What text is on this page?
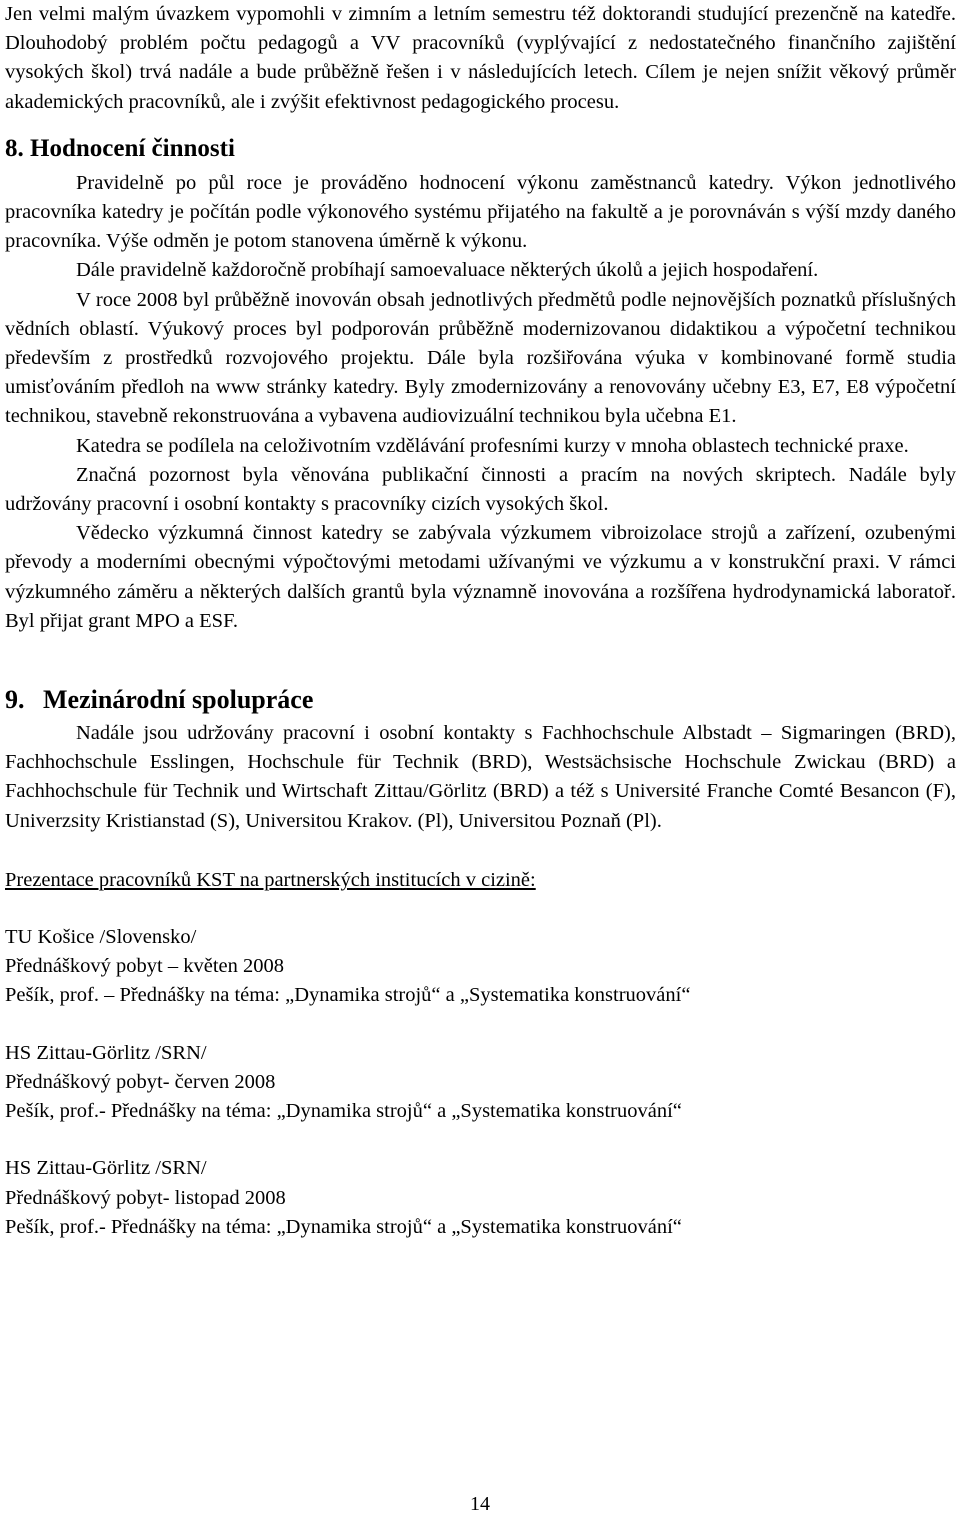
Jen velmi malým úvazkem vypomohli v zimním a letním semestru též doktorandi studující prezenčně na katedře. Dlouhodobý problém počtu pedagogů a VV pracovníků (vyplývající z nedostatečného finančního zajištění vysokých škol) trvá nadále a bude průběžně řešen i v následujících letech. Cílem je nejen snížit věkový průměr akademických pracovníků, ale i zvýšit efektivnost pedagogického procesu.

8. Hodnocení činnosti

Pravidelně po půl roce je prováděno hodnocení výkonu zaměstnanců katedry. Výkon jednotlivého pracovníka katedry je počítán podle výkonového systému přijatého na fakultě a je porovnáván s výší mzdy daného pracovníka. Výše odměn je potom stanovena úměrně k výkonu.

Dále pravidelně každoročně probíhají samoevaluace některých úkolů a jejich hospodaření.

V roce 2008 byl průběžně inovován obsah jednotlivých předmětů podle nejnovějších poznatků příslušných vědních oblastí. Výukový proces byl podporován průběžně modernizovanou didaktikou a výpočetní technikou především z prostředků rozvojového projektu. Dále byla rozšiřována výuka v kombinované formě studia umisťováním předloh na www stránky katedry. Byly zmodernizovány a renovovány učebny E3, E7, E8 výpočetní technikou, stavebně rekonstruována a vybavena audiovizuální technikou byla učebna E1.

Katedra se podílela na celoživotním vzdělávání profesními kurzy v mnoha oblastech technické praxe.

Značná pozornost byla věnována publikační činnosti a pracím na nových skriptech. Nadále byly udržovány pracovní i osobní kontakty s pracovníky cizích vysokých škol.

Vědecko výzkumná činnost katedry se zabývala výzkumem vibroizolace strojů a zařízení, ozubenými převody a moderními obecnými výpočtovými metodami užívanými ve výzkumu a v konstrukční praxi. V rámci výzkumného záměru a některých dalších grantů byla významně inovována a rozšířena hydrodynamická laboratoř. Byl přijat grant MPO a ESF.

9. Mezinárodní spolupráce

Nadále jsou udržovány pracovní i osobní kontakty s Fachhochschule Albstadt – Sigmaringen (BRD), Fachhochschule Esslingen, Hochschule für Technik (BRD), Westsächsische Hochschule Zwickau (BRD) a Fachhochschule für Technik und Wirtschaft Zittau/Görlitz (BRD) a též s Université Franche Comté Besancon (F), Univerzsity Kristianstad (S), Universitou Krakov. (Pl), Universitou Poznaň (Pl).

Prezentace pracovníků KST na partnerských institucích v cizině:

TU Košice /Slovensko/

Přednáškový pobyt – květen 2008

Pešík, prof. – Přednášky na téma: „Dynamika strojů“ a „Systematika konstruování“

HS Zittau-Görlitz /SRN/

Přednáškový pobyt- červen 2008

Pešík, prof.- Přednášky na téma: „Dynamika strojů“ a „Systematika konstruování“

HS Zittau-Görlitz /SRN/

Přednáškový pobyt- listopad 2008

Pešík, prof.- Přednášky na téma: „Dynamika strojů“ a „Systematika konstruování“

14
